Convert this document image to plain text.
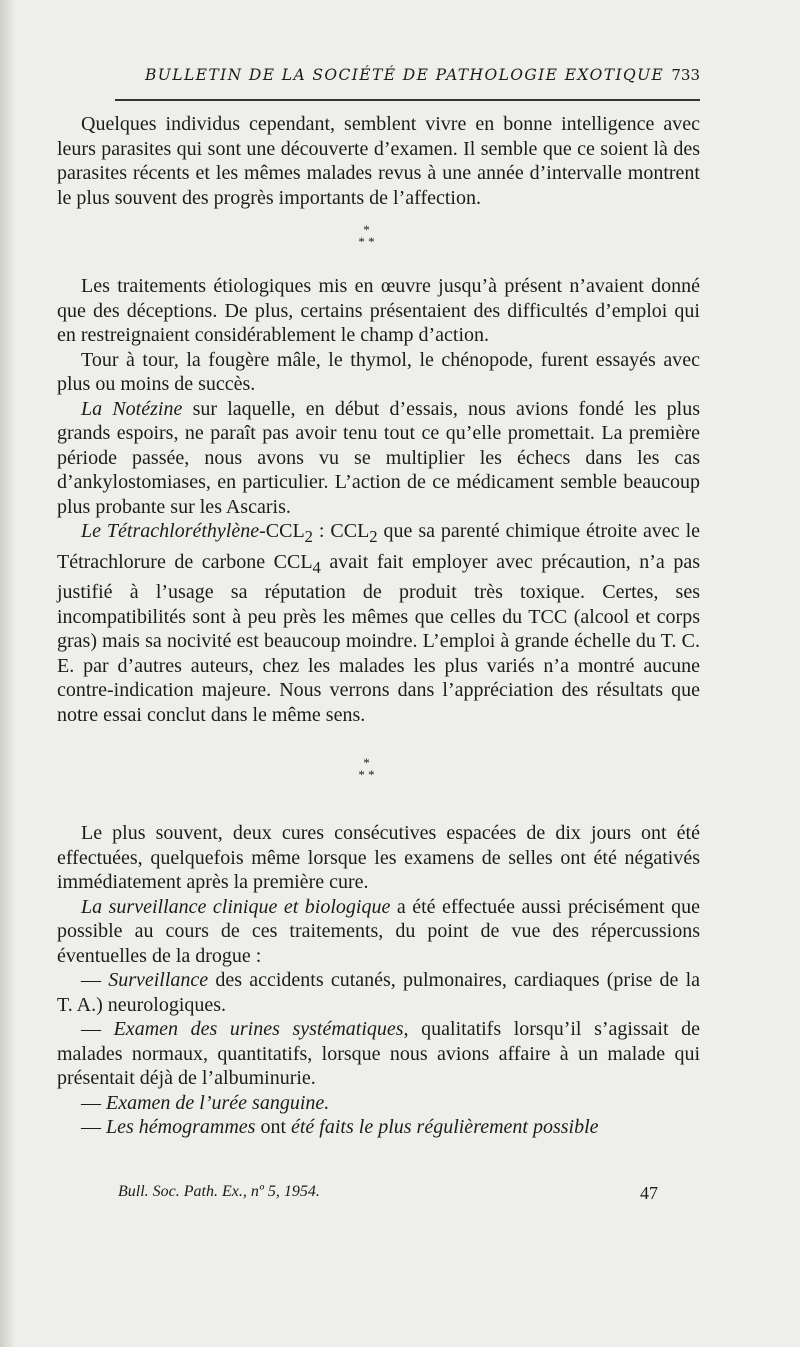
BULLETIN DE LA SOCIÉTÉ DE PATHOLOGIE EXOTIQUE 733

Quelques individus cependant, semblent vivre en bonne intelligence avec leurs parasites qui sont une découverte d’examen. Il semble que ce soient là des parasites récents et les mêmes malades revus à une année d’intervalle montrent le plus souvent des progrès importants de l’affection.

*
* *

Les traitements étiologiques mis en œuvre jusqu’à présent n’avaient donné que des déceptions. De plus, certains présentaient des difficultés d’emploi qui en restreignaient considérablement le champ d’action.

Tour à tour, la fougère mâle, le thymol, le chénopode, furent essayés avec plus ou moins de succès.

La Notézine sur laquelle, en début d’essais, nous avions fondé les plus grands espoirs, ne paraît pas avoir tenu tout ce qu’elle promettait. La première période passée, nous avons vu se multiplier les échecs dans les cas d’ankylostomiases, en particulier. L’action de ce médicament semble beaucoup plus probante sur les Ascaris.

Le Tétrachloréthylène-$CCL_2$ : $CCL_2$ que sa parenté chimique étroite avec le Tétrachlorure de carbone $CCL_4$ avait fait employer avec précaution, n’a pas justifié à l’usage sa réputation de produit très toxique. Certes, ses incompatibilités sont à peu près les mêmes que celles du TCC (alcool et corps gras) mais sa nocivité est beaucoup moindre. L’emploi à grande échelle du T. C. E. par d’autres auteurs, chez les malades les plus variés n’a montré aucune contre-indication majeure. Nous verrons dans l’appréciation des résultats que notre essai conclut dans le même sens.

*
* *

Le plus souvent, deux cures consécutives espacées de dix jours ont été effectuées, quelquefois même lorsque les examens de selles ont été négativés immédiatement après la première cure.

La surveillance clinique et biologique a été effectuée aussi précisément que possible au cours de ces traitements, du point de vue des répercussions éventuelles de la drogue :

— Surveillance des accidents cutanés, pulmonaires, cardiaques (prise de la T. A.) neurologiques.

— Examen des urines systématiques, qualitatifs lorsqu’il s’agissait de malades normaux, quantitatifs, lorsque nous avions affaire à un malade qui présentait déjà de l’albuminurie.

— Examen de l’urée sanguine.

— Les hémogrammes ont été faits le plus régulièrement possible

Bull. Soc. Path. Ex., nº 5, 1954.	47
